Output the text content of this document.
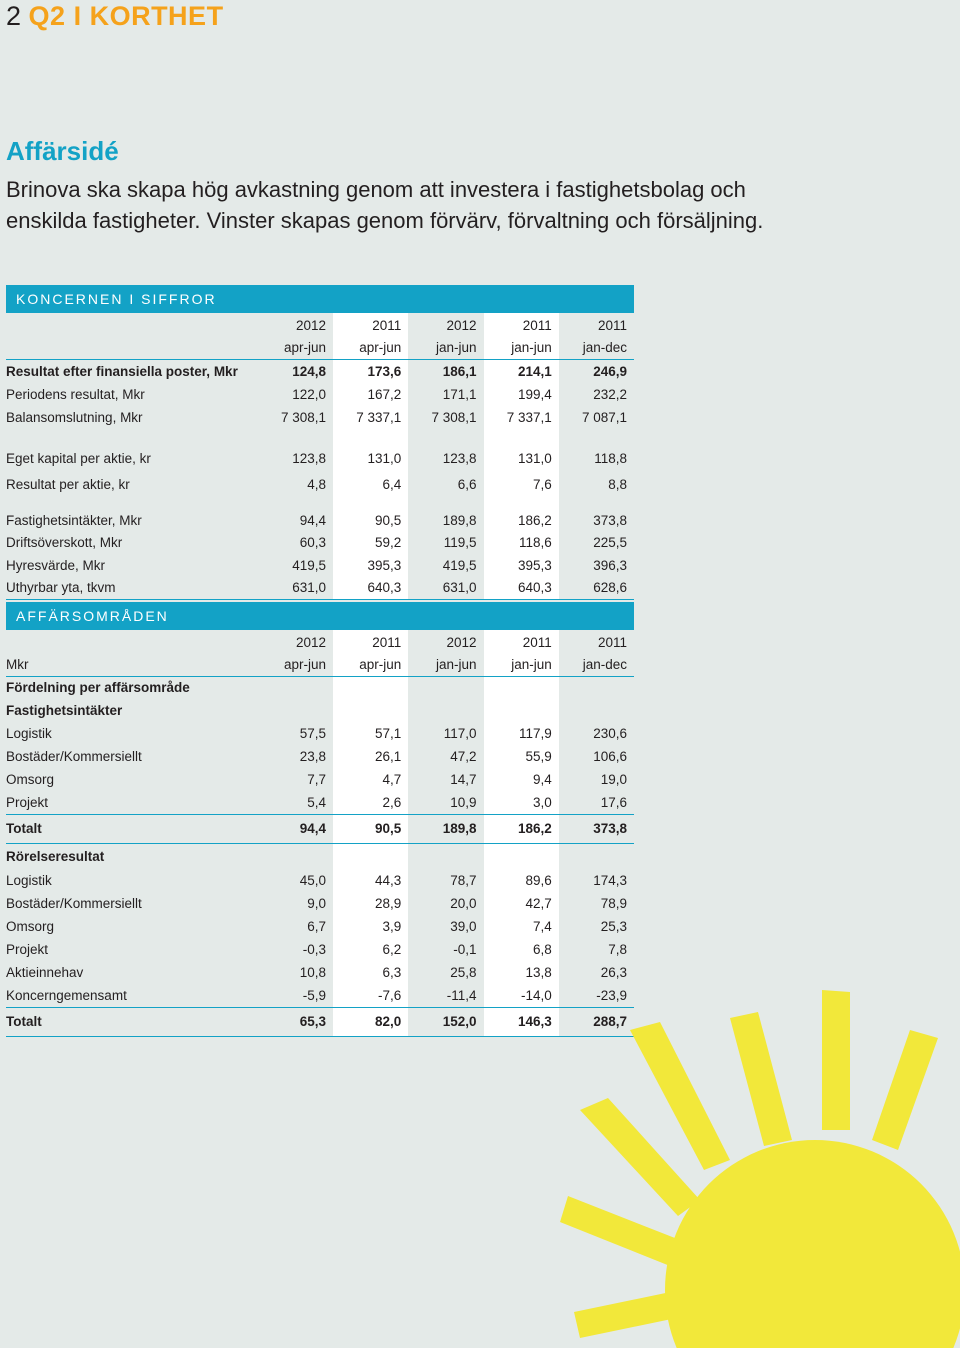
2 Q2 I KORTHET
Affärsidé
Brinova ska skapa hög avkastning genom att investera i fastighetsbolag och enskilda fastigheter. Vinster skapas genom förvärv, förvaltning och försäljning.
KONCERNEN I SIFFROR
	2012	2011	2012	2011	2011
	apr-jun	apr-jun	jan-jun	jan-jun	jan-dec
Resultat efter finansiella poster, Mkr	124,8	173,6	186,1	214,1	246,9
Periodens resultat, Mkr	122,0	167,2	171,1	199,4	232,2
Balansomslutning, Mkr	7 308,1	7 337,1	7 308,1	7 337,1	7 087,1

Eget kapital per aktie, kr	123,8	131,0	123,8	131,0	118,8
Resultat per aktie, kr	4,8	6,4	6,6	7,6	8,8

Fastighetsintäkter, Mkr	94,4	90,5	189,8	186,2	373,8
Driftsöverskott, Mkr	60,3	59,2	119,5	118,6	225,5
Hyresvärde, Mkr	419,5	395,3	419,5	395,3	396,3
Uthyrbar yta, tkvm	631,0	640,3	631,0	640,3	628,6
AFFÄRSOMRÅDEN
	2012	2011	2012	2011	2011
Mkr	apr-jun	apr-jun	jan-jun	jan-jun	jan-dec
Fördelning per affärsområde					
Fastighetsintäkter					
Logistik	57,5	57,1	117,0	117,9	230,6
Bostäder/Kommersiellt	23,8	26,1	47,2	55,9	106,6
Omsorg	7,7	4,7	14,7	9,4	19,0
Projekt	5,4	2,6	10,9	3,0	17,6
Totalt	94,4	90,5	189,8	186,2	373,8
Rörelseresultat					
Logistik	45,0	44,3	78,7	89,6	174,3
Bostäder/Kommersiellt	9,0	28,9	20,0	42,7	78,9
Omsorg	6,7	3,9	39,0	7,4	25,3
Projekt	-0,3	6,2	-0,1	6,8	7,8
Aktieinnehav	10,8	6,3	25,8	13,8	26,3
Koncerngemensamt	-5,9	-7,6	-11,4	-14,0	-23,9
Totalt	65,3	82,0	152,0	146,3	288,7
